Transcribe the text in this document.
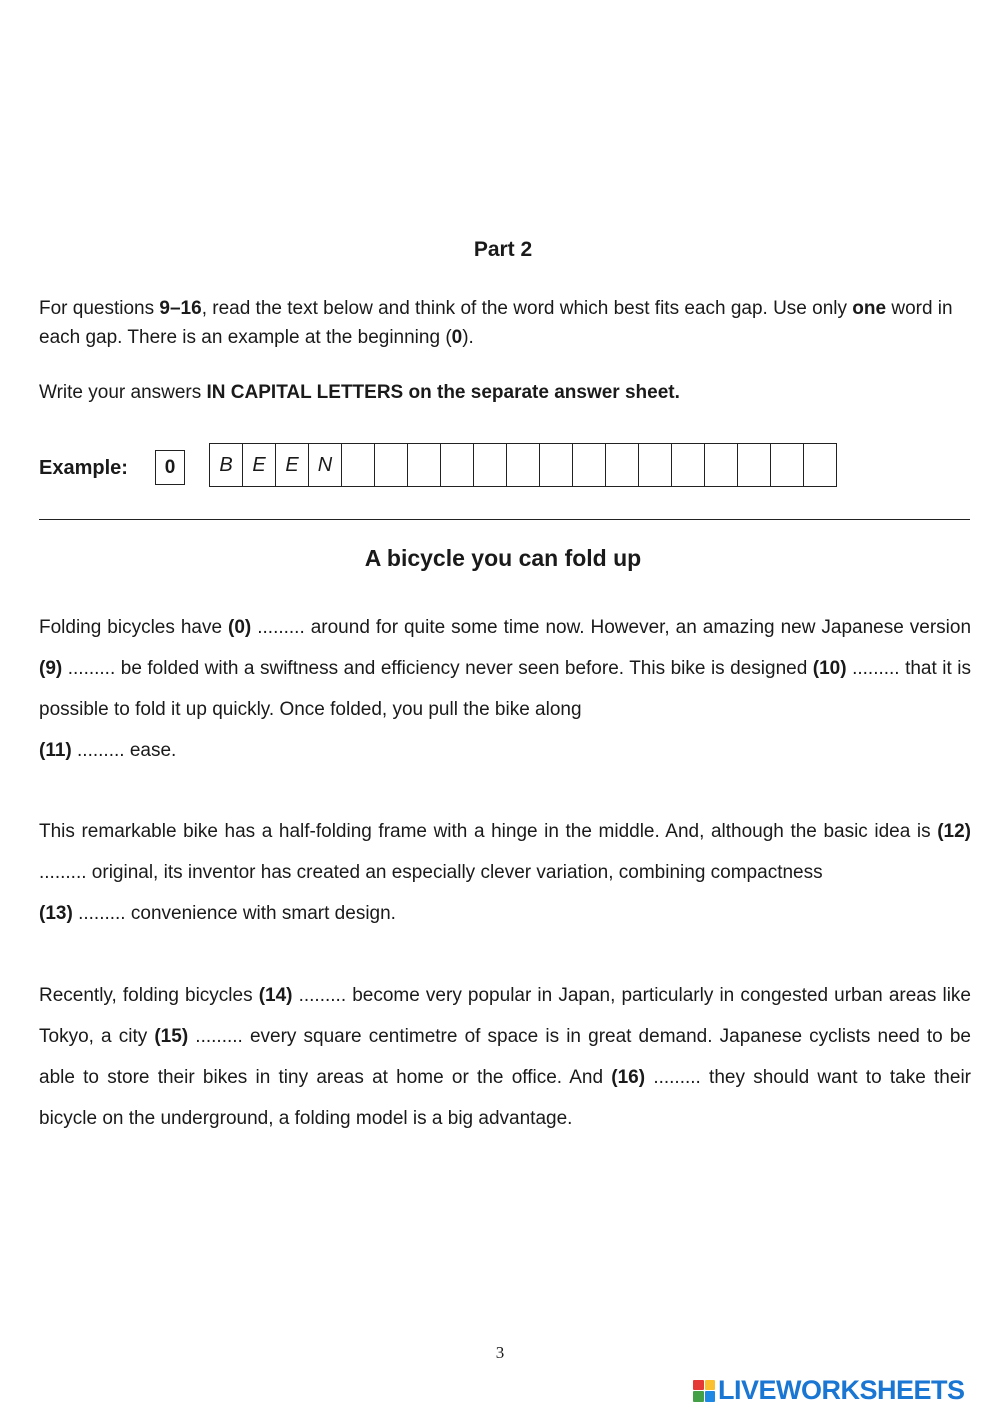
Part 2
For questions 9–16, read the text below and think of the word which best fits each gap. Use only one word in each gap. There is an example at the beginning (0).
Write your answers IN CAPITAL LETTERS on the separate answer sheet.
Example:	0	B E E N
A bicycle you can fold up
Folding bicycles have (0) ......... around for quite some time now. However, an amazing new Japanese version (9) ......... be folded with a swiftness and efficiency never seen before. This bike is designed (10) ......... that it is possible to fold it up quickly. Once folded, you pull the bike along
(11) ......... ease.
This remarkable bike has a half-folding frame with a hinge in the middle. And, although the basic idea is (12) ......... original, its inventor has created an especially clever variation, combining compactness
(13) ......... convenience with smart design.
Recently, folding bicycles (14) ......... become very popular in Japan, particularly in congested urban areas like Tokyo, a city (15) ......... every square centimetre of space is in great demand. Japanese cyclists need to be able to store their bikes in tiny areas at home or the office. And (16) ......... they should want to take their bicycle on the underground, a folding model is a big advantage.
3
LIVEWORKSHEETS
